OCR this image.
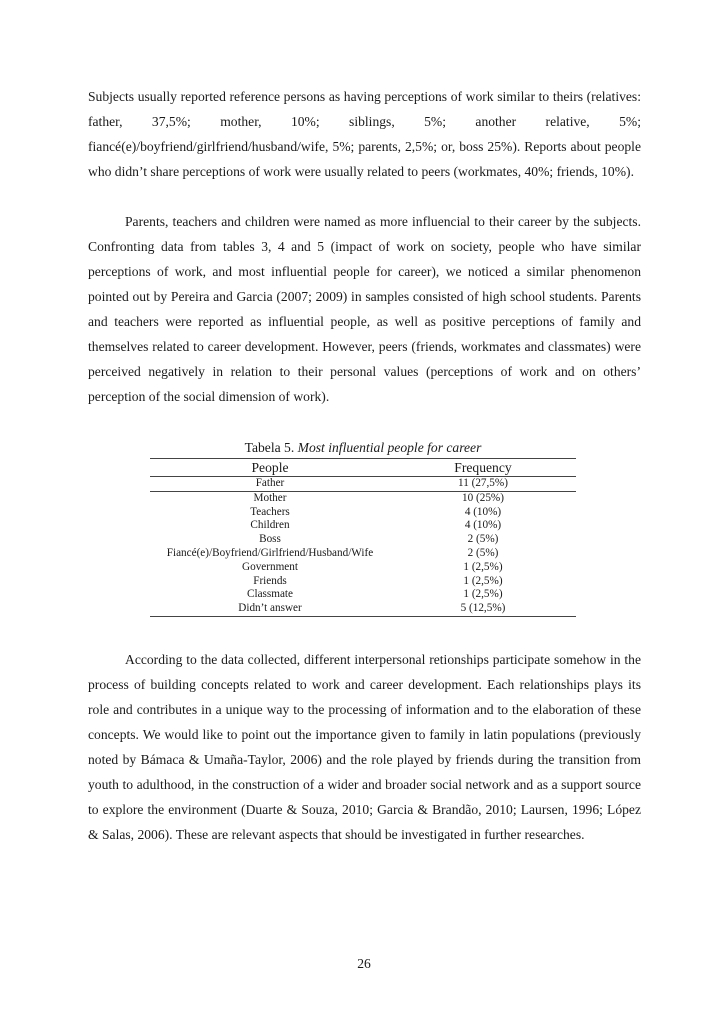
Subjects usually reported reference persons as having perceptions of work similar to theirs (relatives: father, 37,5%; mother, 10%; siblings, 5%; another relative, 5%; fiancé(e)/boyfriend/girlfriend/husband/wife, 5%; parents, 2,5%; or, boss 25%). Reports about people who didn’t share perceptions of work were usually related to peers (workmates, 40%; friends, 10%).

Parents, teachers and children were named as more influencial to their career by the subjects. Confronting data from tables 3, 4 and 5 (impact of work on society, people who have similar perceptions of work, and most influential people for career), we noticed a similar phenomenon pointed out by Pereira and Garcia (2007; 2009) in samples consisted of high school students. Parents and teachers were reported as influential people, as well as positive perceptions of family and themselves related to career development. However, peers (friends, workmates and classmates) were perceived negatively in relation to their personal values (perceptions of work and on others’ perception of the social dimension of work).

Tabela 5. Most influential people for career
People	Frequency
Father	11 (27,5%)
Mother	10 (25%)
Teachers	4 (10%)
Children	4 (10%)
Boss	2 (5%)
Fiancé(e)/Boyfriend/Girlfriend/Husband/Wife	2 (5%)
Government	1 (2,5%)
Friends	1 (2,5%)
Classmate	1 (2,5%)
Didn’t answer	5 (12,5%)

According to the data collected, different interpersonal retionships participate somehow in the process of building concepts related to work and career development. Each relationships plays its role and contributes in a unique way to the processing of information and to the elaboration of these concepts. We would like to point out the importance given to family in latin populations (previously noted by Bámaca & Umaña-Taylor, 2006) and the role played by friends during the transition from youth to adulthood, in the construction of a wider and broader social network and as a support source to explore the environment (Duarte & Souza, 2010; Garcia & Brandão, 2010; Laursen, 1996; López & Salas, 2006). These are relevant aspects that should be investigated in further researches.

26
